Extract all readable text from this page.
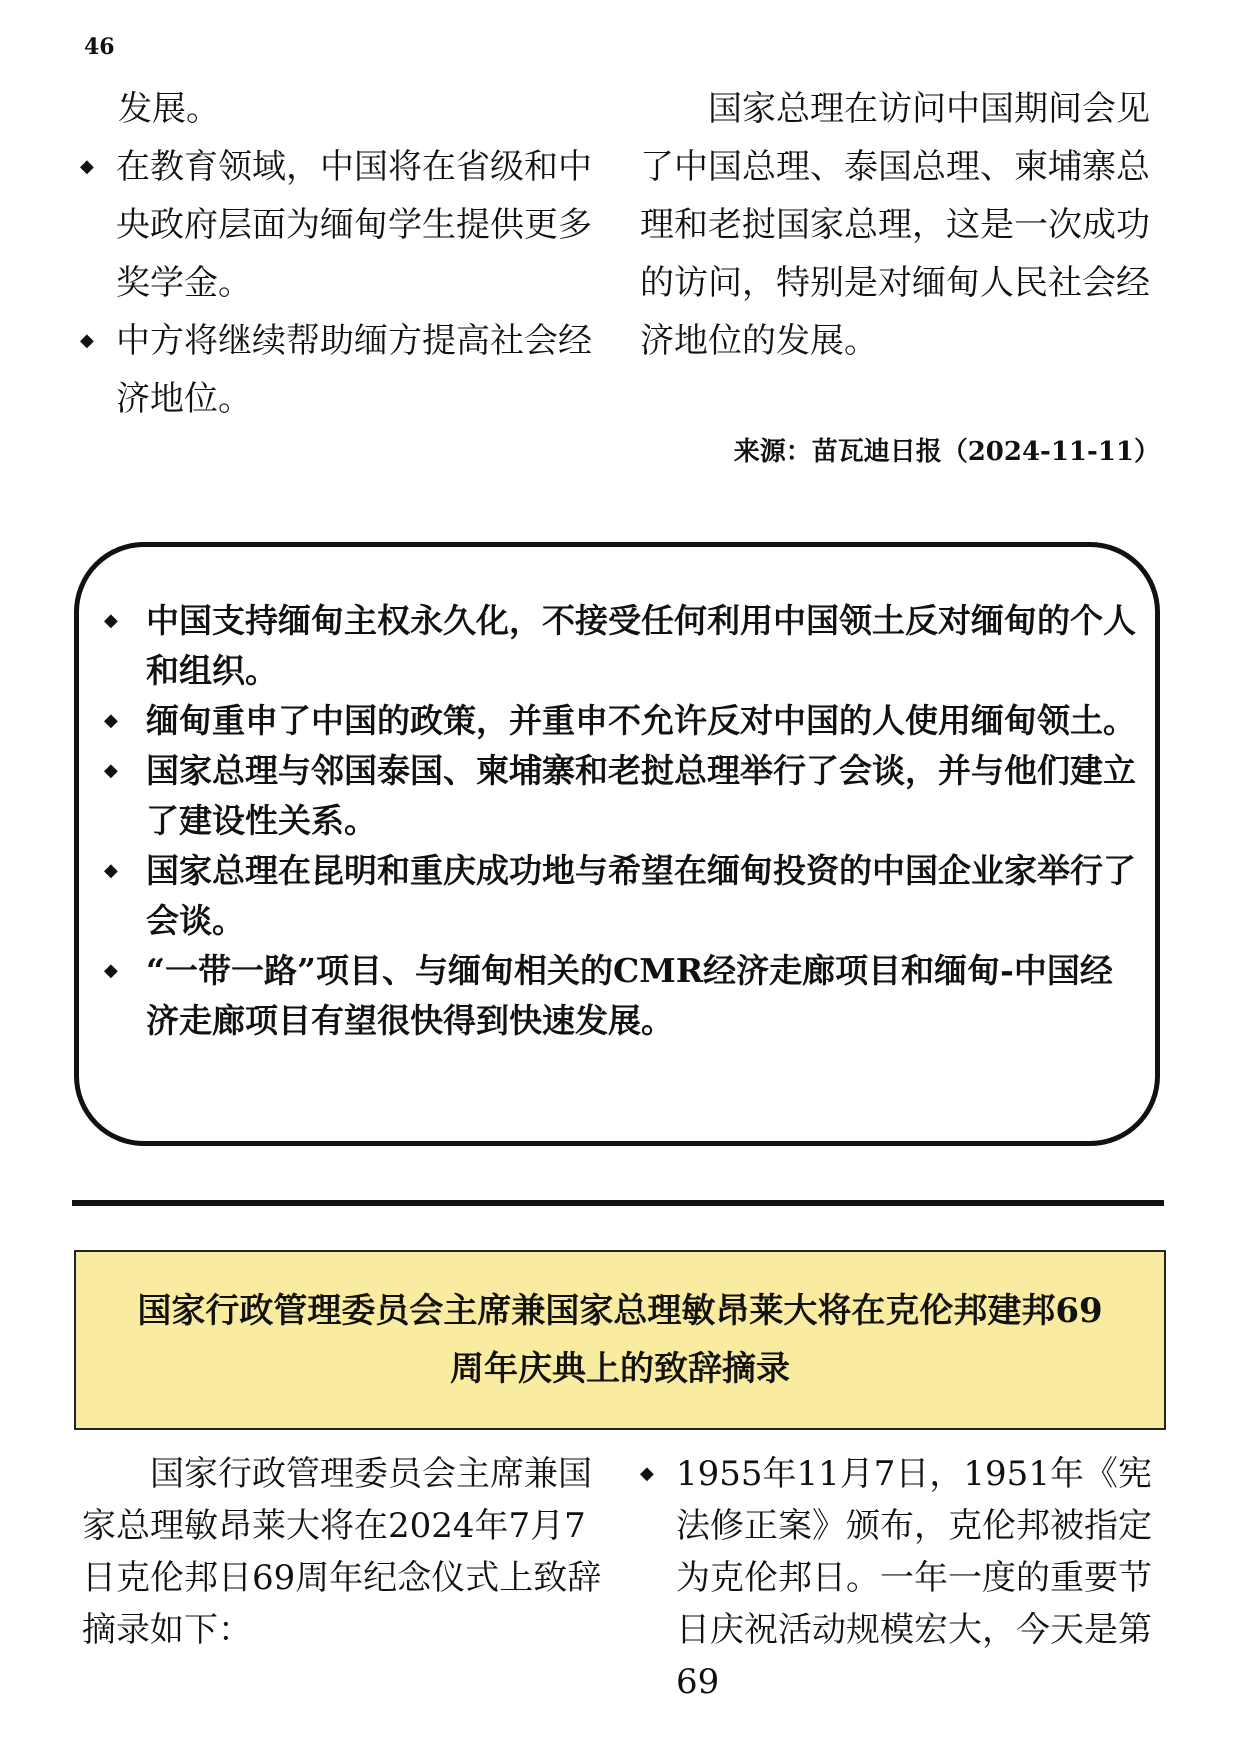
46

发展。

◆ 在教育领域，中国将在省级和中央政府层面为缅甸学生提供更多奖学金。
◆ 中方将继续帮助缅方提高社会经济地位。

国家总理在访问中国期间会见了中国总理、泰国总理、柬埔寨总理和老挝国家总理，这是一次成功的访问，特别是对缅甸人民社会经济地位的发展。

来源：苗瓦迪日报（2024-11-11）
◆ 中国支持缅甸主权永久化，不接受任何利用中国领土反对缅甸的个人和组织。
◆ 缅甸重申了中国的政策，并重申不允许反对中国的人使用缅甸领土。
◆ 国家总理与邻国泰国、柬埔寨和老挝总理举行了会谈，并与他们建立了建设性关系。
◆ 国家总理在昆明和重庆成功地与希望在缅甸投资的中国企业家举行了会谈。
◆ “一带一路”项目、与缅甸相关的CMR经济走廊项目和缅甸-中国经济走廊项目有望很快得到快速发展。
国家行政管理委员会主席兼国家总理敏昂莱大将在克伦邦建邦69
周年庆典上的致辞摘录

国家行政管理委员会主席兼国家总理敏昂莱大将在2024年7月7日克伦邦日69周年纪念仪式上致辞摘录如下：

◆ 1955年11月7日，1951年《宪法修正案》颁布，克伦邦被指定为克伦邦日。一年一度的重要节日庆祝活动规模宏大，今天是第69
